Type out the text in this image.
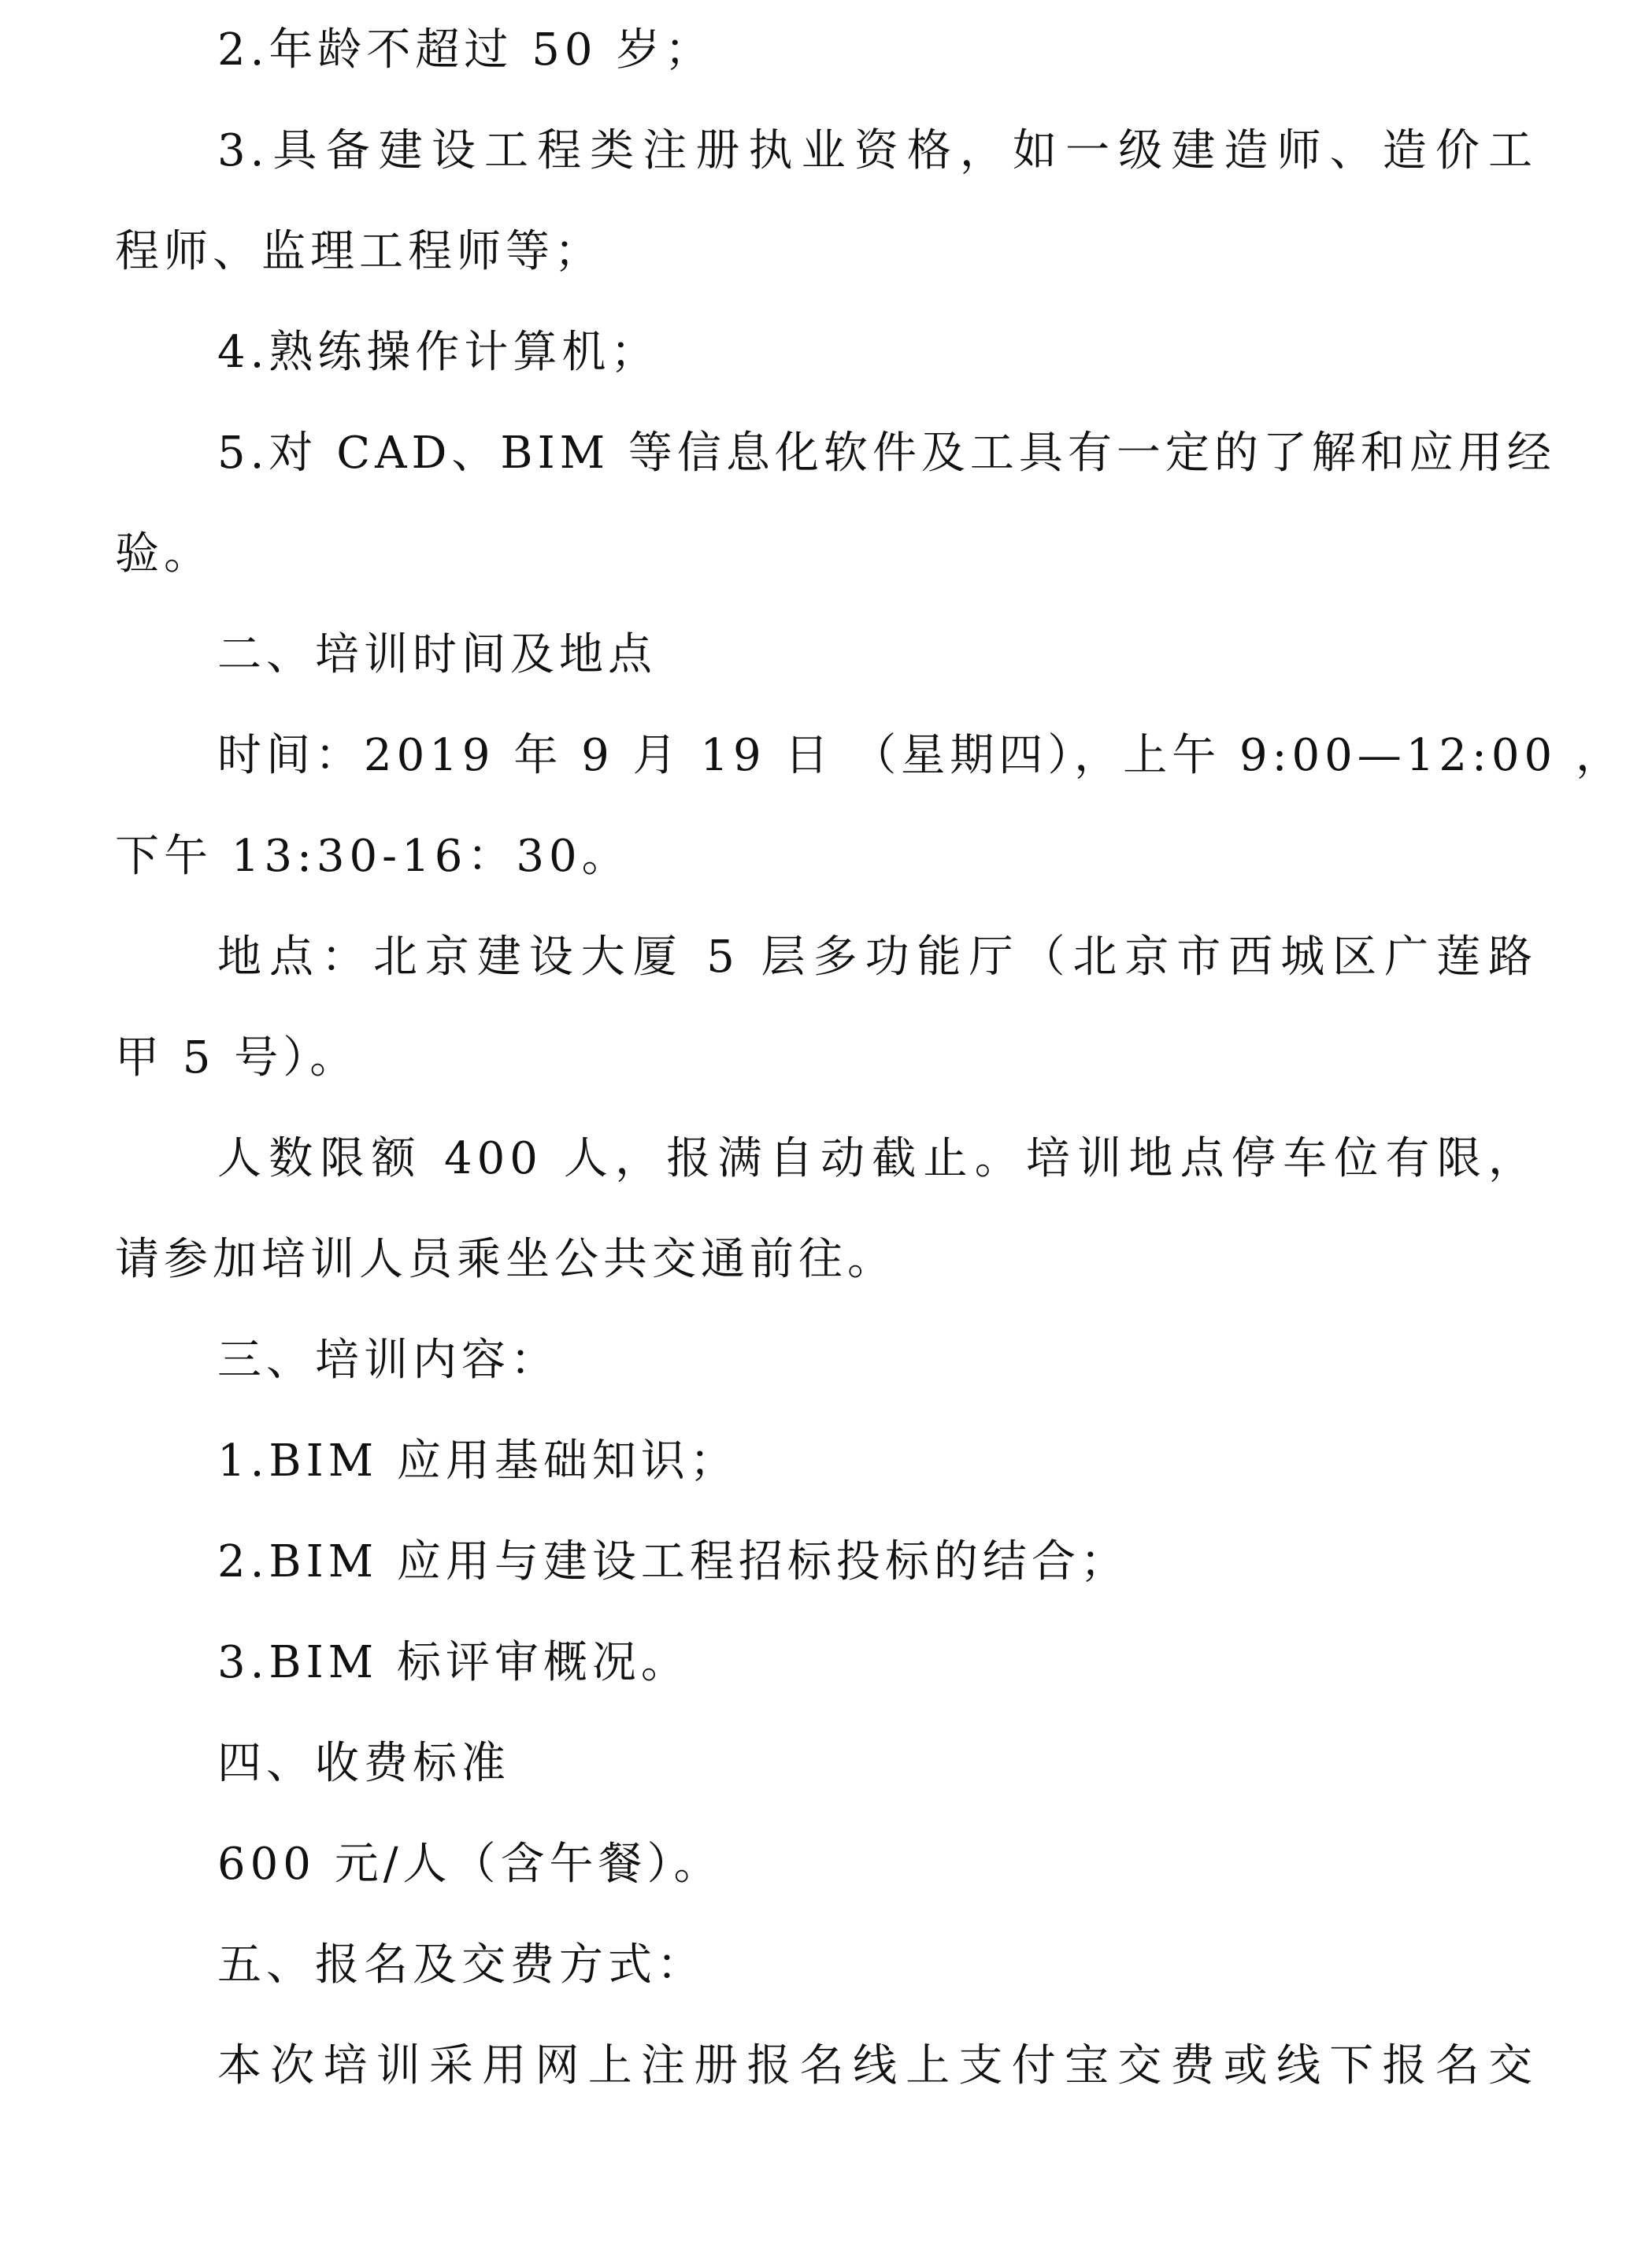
2.年龄不超过 50 岁；
3.具备建设工程类注册执业资格，如一级建造师、造价工
程师、监理工程师等；
4.熟练操作计算机；
5.对 CAD、BIM 等信息化软件及工具有一定的了解和应用经
验。
二、培训时间及地点
时间：2019 年 9 月 19 日 （星期四），上午 9:00—12:00 ，
下午 13:30-16：30。
地点：北京建设大厦 5 层多功能厅（北京市西城区广莲路
甲 5 号）。
人数限额 400 人，报满自动截止。培训地点停车位有限，
请参加培训人员乘坐公共交通前往。
三、培训内容：
1.BIM 应用基础知识；
2.BIM 应用与建设工程招标投标的结合；
3.BIM 标评审概况。
四、收费标准
600 元/人（含午餐）。
五、报名及交费方式：
本次培训采用网上注册报名线上支付宝交费或线下报名交
